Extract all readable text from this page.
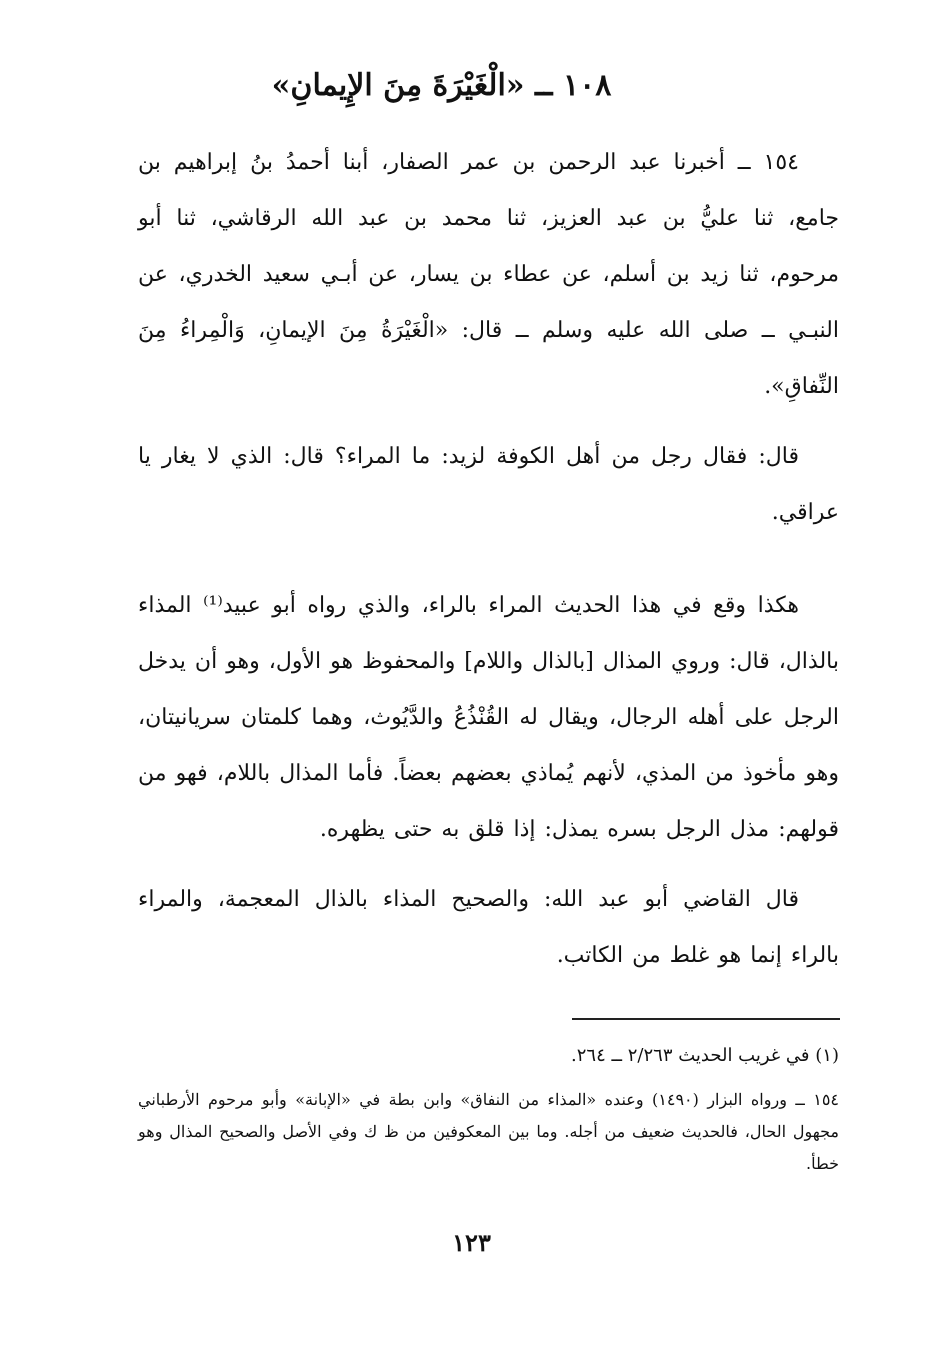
١٠٨ ــ «الْغَيْرَةَ مِنَ الإِيمانِ»
١٥٤ ــ أخبرنا عبد الرحمن بن عمر الصفار، أبنا أحمدُ بنُ إبراهيم بن جامع، ثنا عليُّ بن عبد العزيز، ثنا محمد بن عبد الله الرقاشي، ثنا أبو مرحوم، ثنا زيد بن أسلم، عن عطاء بن يسار، عن أبـي سعيد الخدري، عن النبـي ــ صلى الله عليه وسلم ــ قال: «الْغَيْرَةُ مِنَ الإيمانِ، وَالْمِراءُ مِنَ النِّفاقِ».
قال: فقال رجل من أهل الكوفة لزيد: ما المراء؟ قال: الذي لا يغار يا عراقي.
هكذا وقع في هذا الحديث المراء بالراء، والذي رواه أبو عبيد⁽¹⁾ المذاء بالذال، قال: وروي المذال [بالذال واللام] والمحفوظ هو الأول، وهو أن يدخل الرجل على أهله الرجال، ويقال له القُنْذُعُ والدَّيُوث، وهما كلمتان سريانيتان، وهو مأخوذ من المذي، لأنهم يُماذي بعضهم بعضاً. فأما المذال باللام، فهو من قولهم: مذل الرجل بسره يمذل: إذا قلق به حتى يظهره.
قال القاضي أبو عبد الله: والصحيح المذاء بالذال المعجمة، والمراء بالراء إنما هو غلط من الكاتب.
(١) في غريب الحديث ٢/٢٦٣ ــ ٢٦٤.
١٥٤ ــ ورواه البزار (١٤٩٠) وعنده «المذاء من النفاق» وابن بطة في «الإبانة» وأبو مرحوم الأرطباني مجهول الحال، فالحديث ضعيف من أجله. وما بين المعكوفين من ظ ك وفي الأصل والصحيح المذال وهو خطأ.
١٢٣
